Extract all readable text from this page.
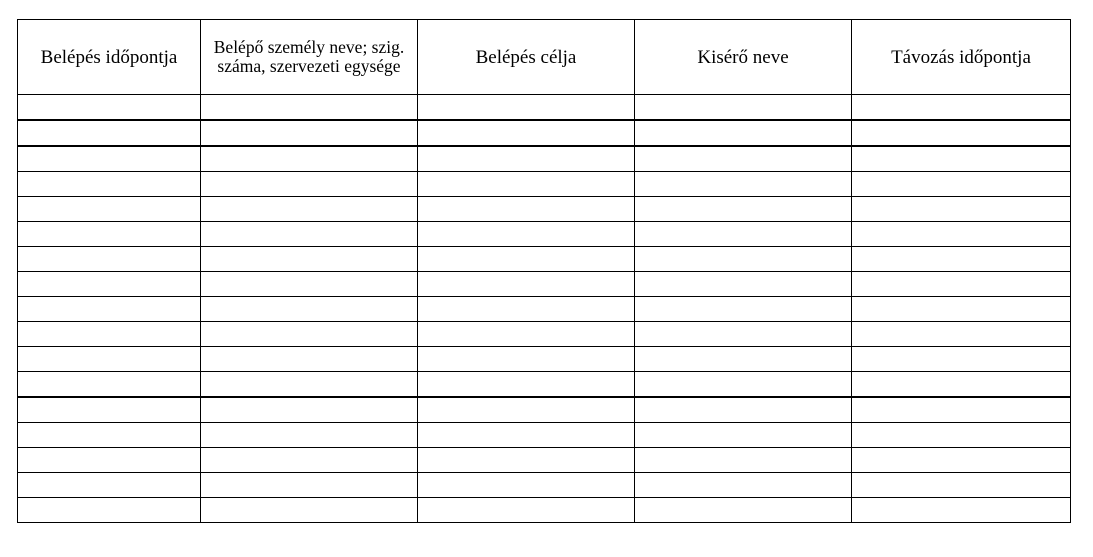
Belépés időpontja	Belépő személy neve; szig. száma, szervezeti egysége	Belépés célja	Kisérő neve	Távozás időpontja
